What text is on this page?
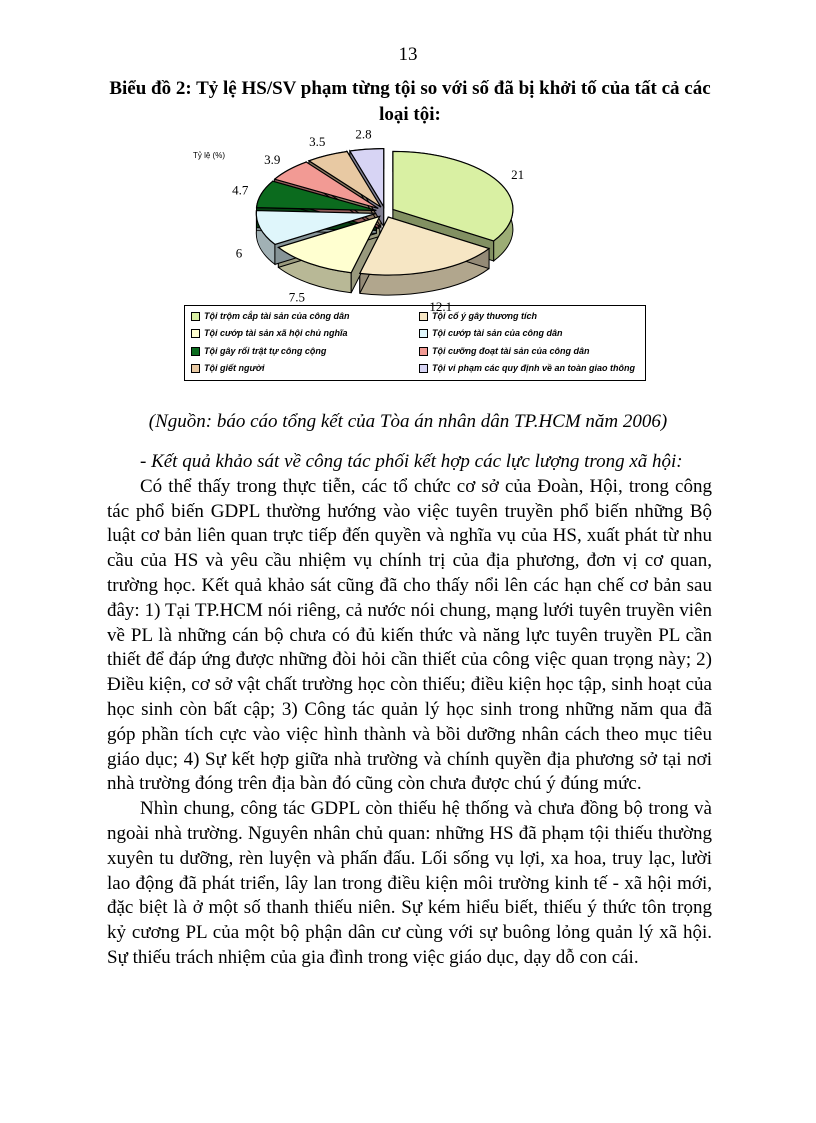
13
Biểu đồ 2: Tỷ lệ HS/SV phạm từng tội so với số đã bị khởi tố của tất cả các loại tội:
21
12.1
7.5
6
4.7
3.9
3.5
2.8
Tỷ lệ (%)
Tội trộm cắp tài sản của công dân	Tội cố ý gây thương tích
Tội cướp tài sản xã hội chủ nghĩa	Tội cướp tài sản của công dân
Tội gây rối trật tự công cộng	Tội cưỡng đoạt tài sản của công dân
Tội giết người	Tội vi phạm các quy định về an toàn giao thông
(Nguồn: báo cáo tổng kết của Tòa án nhân dân TP.HCM năm 2006)

- Kết quả khảo sát về công tác phối kết hợp các lực lượng trong xã hội:

Có thể thấy trong thực tiễn, các tổ chức cơ sở của Đoàn, Hội, trong công tác phổ biến GDPL thường hướng vào việc tuyên truyền phổ biến những Bộ luật cơ bản liên quan trực tiếp đến quyền và nghĩa vụ của HS, xuất phát từ nhu cầu của HS và yêu cầu nhiệm vụ chính trị của địa phương, đơn vị cơ quan, trường học. Kết quả khảo sát cũng đã cho thấy nổi lên các hạn chế cơ bản sau đây: 1) Tại TP.HCM nói riêng, cả nước nói chung, mạng lưới tuyên truyền viên về PL là những cán bộ chưa có đủ kiến thức và năng lực tuyên truyền PL cần thiết để đáp ứng được những đòi hỏi cần thiết của công việc quan trọng này; 2) Điều kiện, cơ sở vật chất trường học còn thiếu; điều kiện học tập, sinh hoạt của học sinh còn bất cập; 3) Công tác quản lý học sinh trong những năm qua đã góp phần tích cực vào việc hình thành và bồi dưỡng nhân cách theo mục tiêu giáo dục; 4) Sự kết hợp giữa nhà trường và chính quyền địa phương sở tại nơi nhà trường đóng trên địa bàn đó cũng còn chưa được chú ý đúng mức.

Nhìn chung, công tác GDPL còn thiếu hệ thống và chưa đồng bộ trong và ngoài nhà trường. Nguyên nhân chủ quan: những HS đã phạm tội thiếu thường xuyên tu dưỡng, rèn luyện và phấn đấu. Lối sống vụ lợi, xa hoa, truy lạc, lười lao động đã phát triển, lây lan trong điều kiện môi trường kinh tế - xã hội mới, đặc biệt là ở một số thanh thiếu niên. Sự kém hiểu biết, thiếu ý thức tôn trọng kỷ cương PL của một bộ phận dân cư cùng với sự buông lỏng quản lý xã hội. Sự thiếu trách nhiệm của gia đình trong việc giáo dục, dạy dỗ con cái.
